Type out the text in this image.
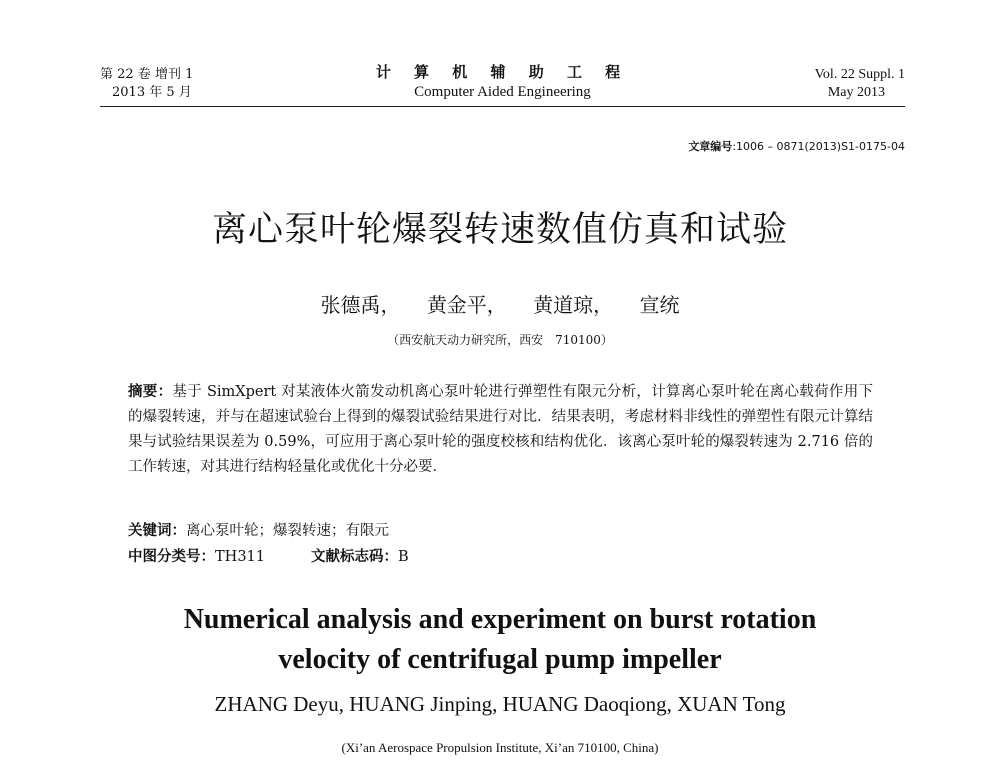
第 22 卷 增刊 1
2013 年 5 月
计 算 机 辅 助 工 程
Computer Aided Engineering
Vol. 22 Suppl. 1
May 2013
文章编号:1006 – 0871(2013)S1-0175-04
离心泵叶轮爆裂转速数值仿真和试验
张德禹， 黄金平， 黄道琼， 宣统
（西安航天动力研究所，西安　710100）
摘要：基于 SimXpert 对某液体火箭发动机离心泵叶轮进行弹塑性有限元分析，计算离心泵叶轮在离心载荷作用下的爆裂转速，并与在超速试验台上得到的爆裂试验结果进行对比．结果表明，考虑材料非线性的弹塑性有限元计算结果与试验结果误差为 0.59%，可应用于离心泵叶轮的强度校核和结构优化．该离心泵叶轮的爆裂转速为 2.716 倍的工作转速，对其进行结构轻量化或优化十分必要．
关键词：离心泵叶轮；爆裂转速；有限元
中图分类号：TH311	文献标志码：B
Numerical analysis and experiment on burst rotation
velocity of centrifugal pump impeller
ZHANG Deyu, HUANG Jinping, HUANG Daoqiong, XUAN Tong
(Xi’an Aerospace Propulsion Institute, Xi’an 710100, China)
